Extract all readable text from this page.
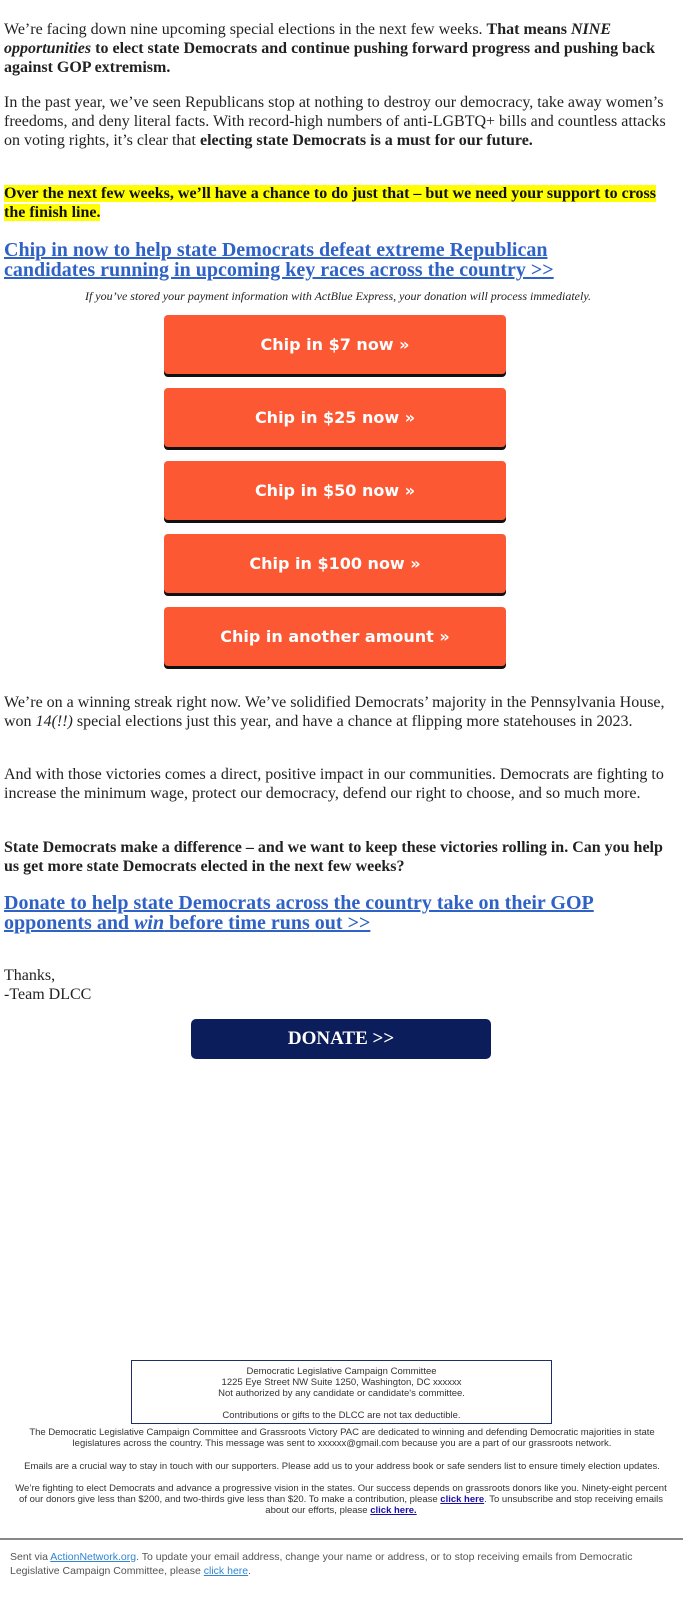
We’re facing down nine upcoming special elections in the next few weeks. That means NINE opportunities to elect state Democrats and continue pushing forward progress and pushing back against GOP extremism.

In the past year, we’ve seen Republicans stop at nothing to destroy our democracy, take away women’s freedoms, and deny literal facts. With record-high numbers of anti-LGBTQ+ bills and countless attacks on voting rights, it’s clear that electing state Democrats is a must for our future.

Over the next few weeks, we’ll have a chance to do just that – but we need your support to cross the finish line.

Chip in now to help state Democrats defeat extreme Republican candidates running in upcoming key races across the country >>

If you’ve stored your payment information with ActBlue Express, your donation will process immediately.

We’re on a winning streak right now. We’ve solidified Democrats’ majority in the Pennsylvania House, won 14(!!) special elections just this year, and have a chance at flipping more statehouses in 2023.

And with those victories comes a direct, positive impact in our communities. Democrats are fighting to increase the minimum wage, protect our democracy, defend our right to choose, and so much more.

State Democrats make a difference – and we want to keep these victories rolling in. Can you help us get more state Democrats elected in the next few weeks?

Donate to help state Democrats across the country take on their GOP opponents and win before time runs out >>

Thanks,

-Team DLCC

Chip in $7 now »
Chip in $25 now »
Chip in $50 now »
Chip in $100 now »
Chip in another amount »
DONATE >>
Democratic Legislative Campaign Committee
1225 Eye Street NW Suite 1250, Washington, DC xxxxxx
Not authorized by any candidate or candidate's committee.
Contributions or gifts to the DLCC are not tax deductible.
The Democratic Legislative Campaign Committee and Grassroots Victory PAC are dedicated to winning and defending Democratic majorities in state legislatures across the country. This message was sent to xxxxxx@gmail.com because you are a part of our grassroots network.
Emails are a crucial way to stay in touch with our supporters. Please add us to your address book or safe senders list to ensure timely election updates.
We’re fighting to elect Democrats and advance a progressive vision in the states. Our success depends on grassroots donors like you. Ninety-eight percent of our donors give less than $200, and two-thirds give less than $20. To make a contribution, please click here. To unsubscribe and stop receiving emails about our efforts, please click here.
Sent via ActionNetwork.org. To update your email address, change your name or address, or to stop receiving emails from Democratic Legislative Campaign Committee, please click here.
